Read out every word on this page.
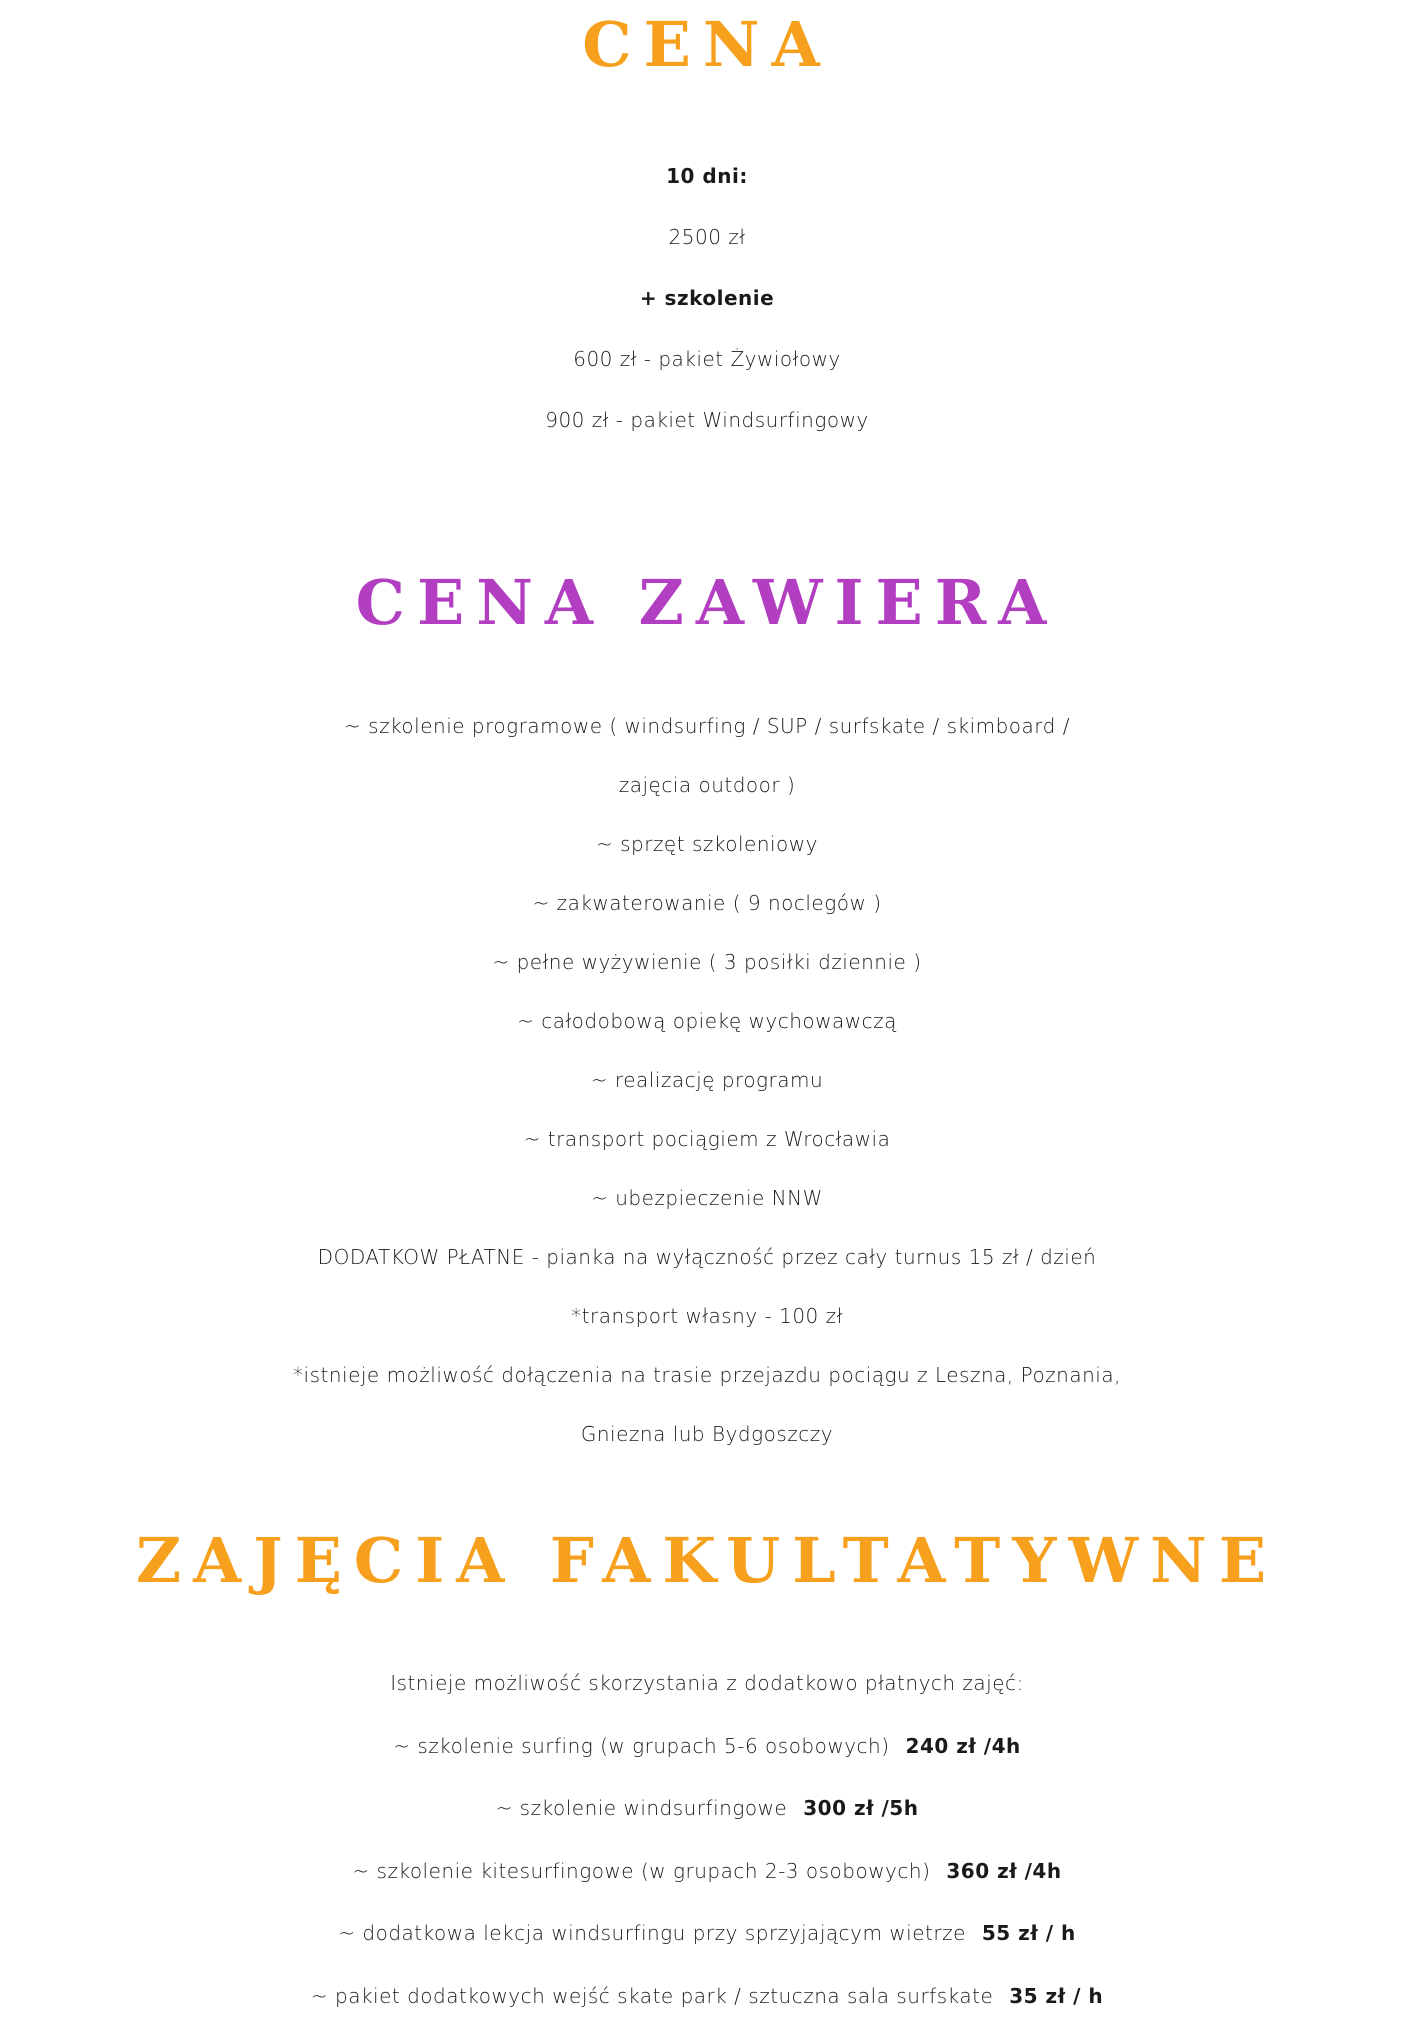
CENA
10 dni:
2500 zł
+ szkolenie
600 zł - pakiet Żywiołowy
900 zł - pakiet Windsurfingowy
CENA ZAWIERA
~ szkolenie programowe ( windsurfing / SUP / surfskate / skimboard /
zajęcia outdoor )
~ sprzęt szkoleniowy
~ zakwaterowanie ( 9 noclegów )
~ pełne wyżywienie ( 3 posiłki dziennie )
~ całodobową opiekę wychowawczą
~ realizację programu
~ transport pociągiem z Wrocławia
~ ubezpieczenie NNW
DODATKOW PŁATNE - pianka na wyłączność przez cały turnus 15 zł / dzień
*transport własny - 100 zł
*istnieje możliwość dołączenia na trasie przejazdu pociągu z Leszna, Poznania,
Gniezna lub Bydgoszczy
ZAJĘCIA FAKULTATYWNE
Istnieje możliwość skorzystania z dodatkowo płatnych zajęć:
~ szkolenie surfing (w grupach 5-6 osobowych) 240 zł /4h
~ szkolenie windsurfingowe 300 zł /5h
~ szkolenie kitesurfingowe (w grupach 2-3 osobowych) 360 zł /4h
~ dodatkowa lekcja windsurfingu przy sprzyjającym wietrze 55 zł / h
~ pakiet dodatkowych wejść skate park / sztuczna sala surfskate 35 zł / h
